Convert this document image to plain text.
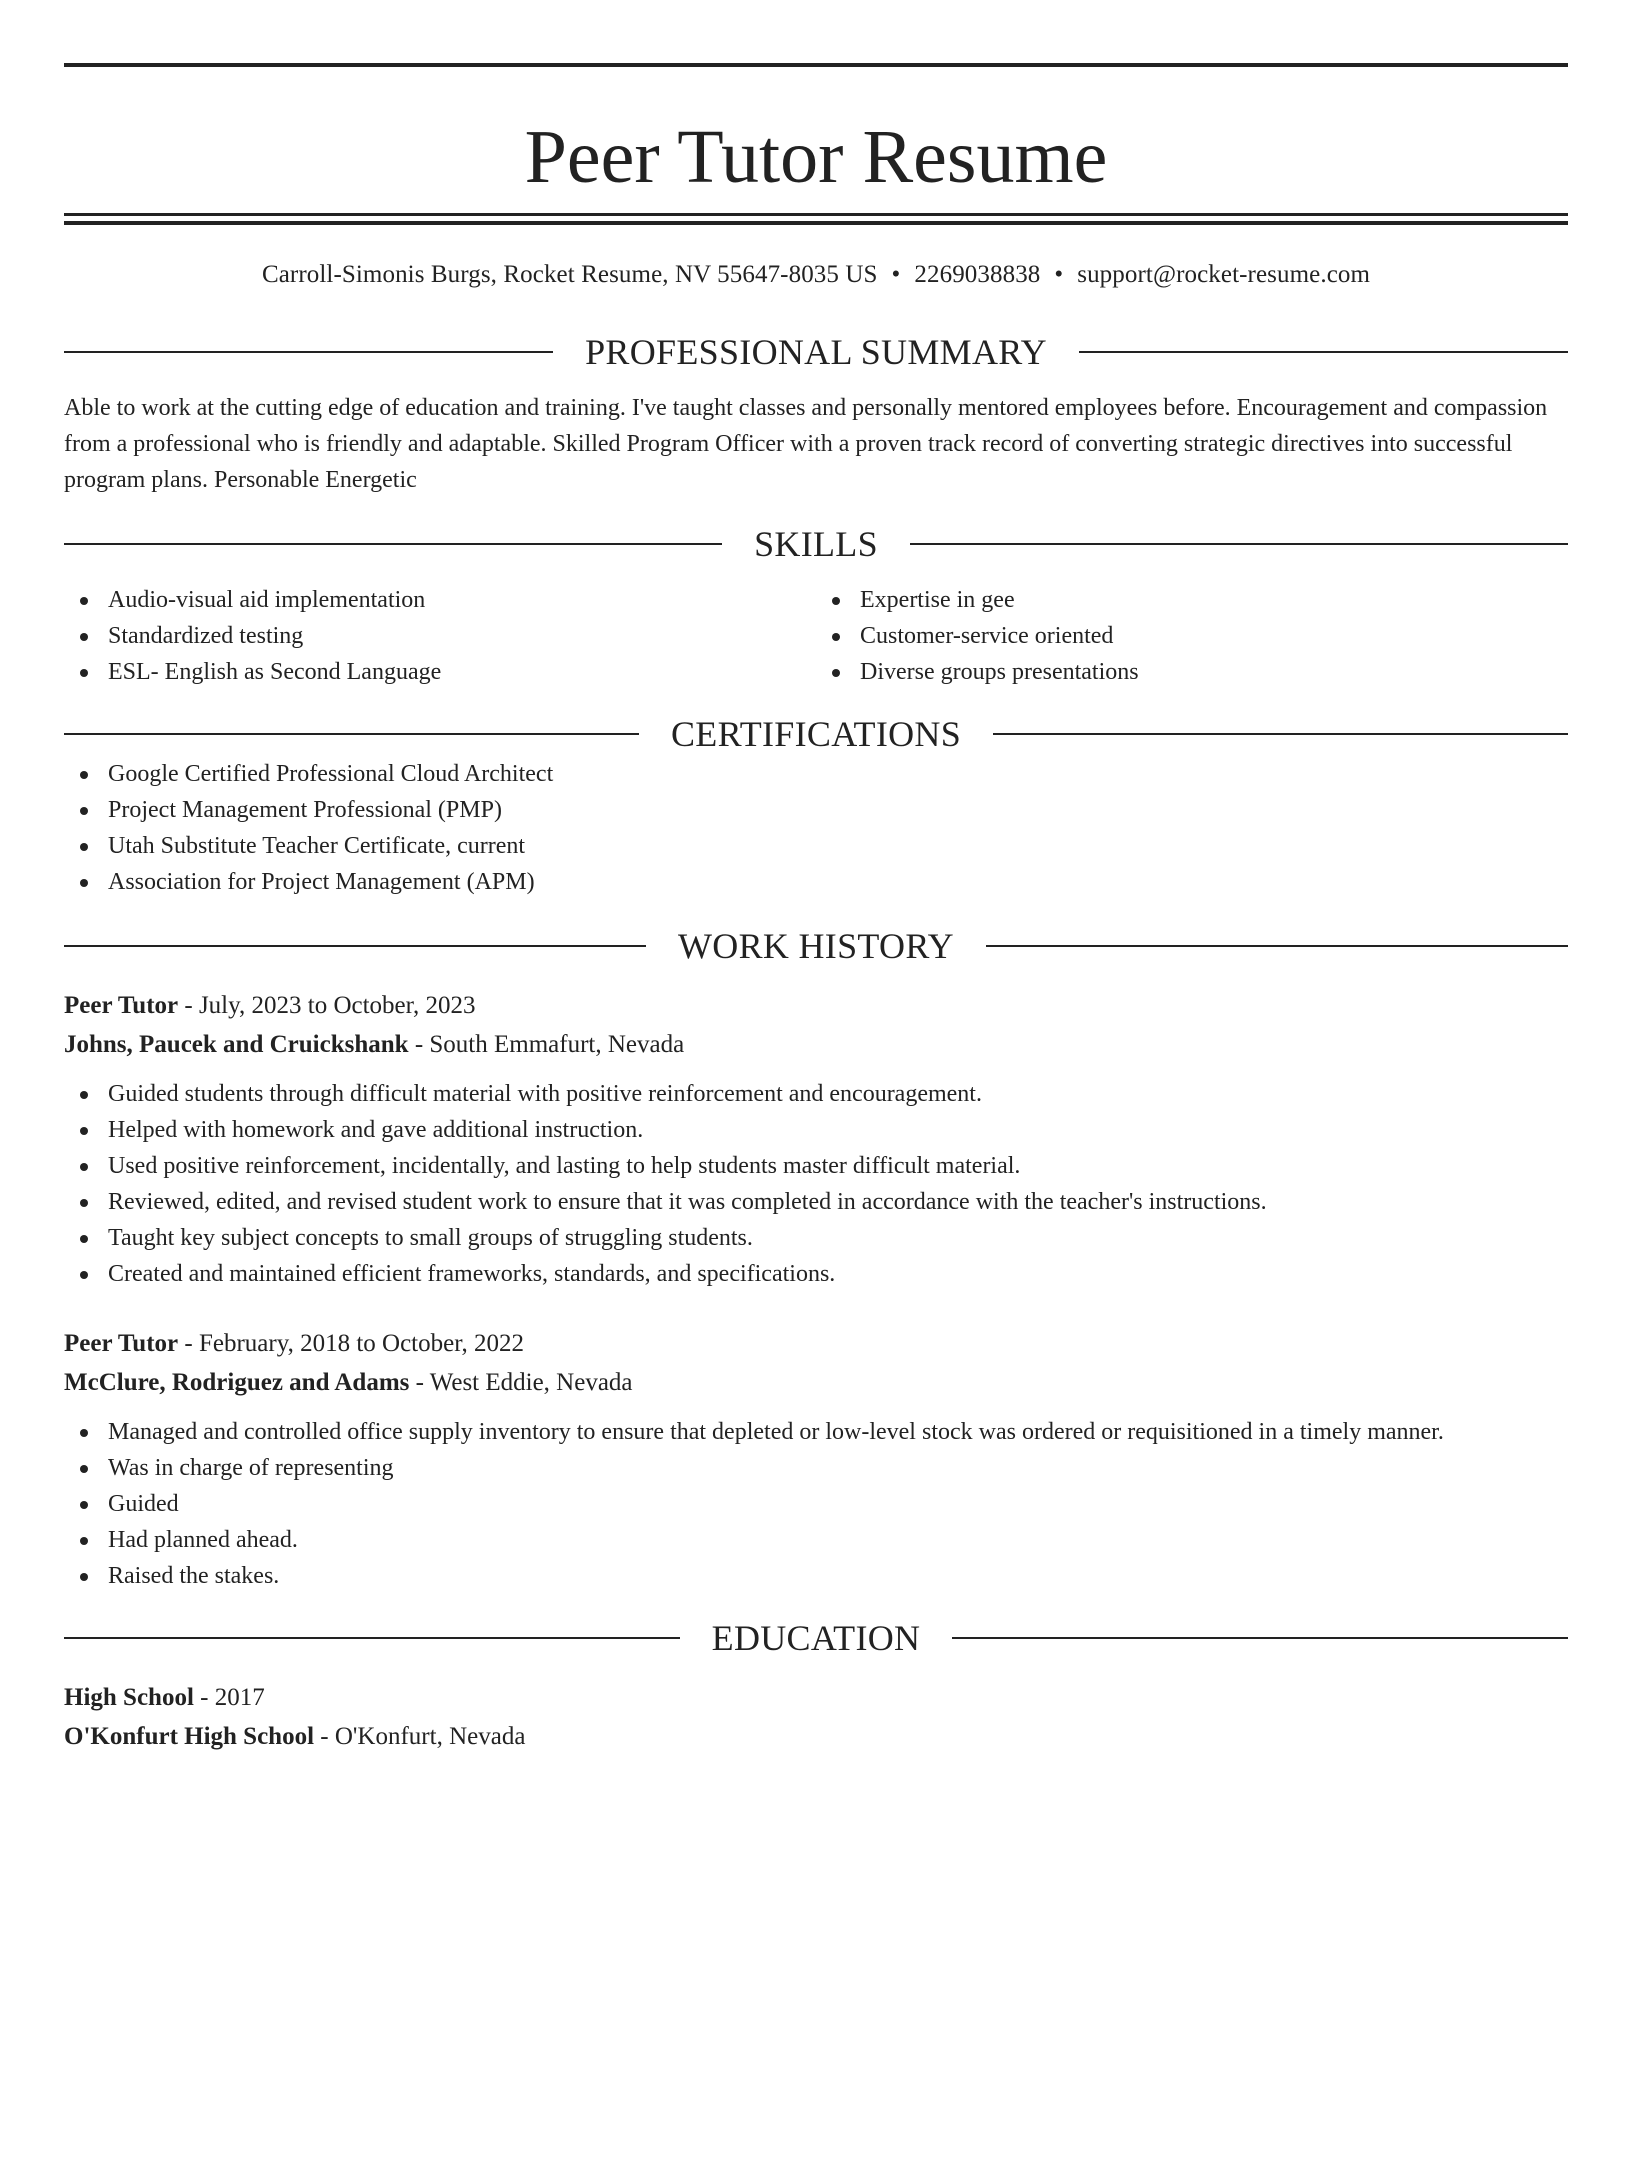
Peer Tutor Resume
Carroll-Simonis Burgs, Rocket Resume, NV 55647-8035 US • 2269038838 • support@rocket-resume.com
PROFESSIONAL SUMMARY
Able to work at the cutting edge of education and training. I've taught classes and personally mentored employees before. Encouragement and compassion from a professional who is friendly and adaptable. Skilled Program Officer with a proven track record of converting strategic directives into successful program plans. Personable Energetic
SKILLS
Audio-visual aid implementation
Standardized testing
ESL- English as Second Language
Expertise in gee
Customer-service oriented
Diverse groups presentations
CERTIFICATIONS
Google Certified Professional Cloud Architect
Project Management Professional (PMP)
Utah Substitute Teacher Certificate, current
Association for Project Management (APM)
WORK HISTORY
Peer Tutor - July, 2023 to October, 2023
Johns, Paucek and Cruickshank - South Emmafurt, Nevada
Guided students through difficult material with positive reinforcement and encouragement.
Helped with homework and gave additional instruction.
Used positive reinforcement, incidentally, and lasting to help students master difficult material.
Reviewed, edited, and revised student work to ensure that it was completed in accordance with the teacher's instructions.
Taught key subject concepts to small groups of struggling students.
Created and maintained efficient frameworks, standards, and specifications.
Peer Tutor - February, 2018 to October, 2022
McClure, Rodriguez and Adams - West Eddie, Nevada
Managed and controlled office supply inventory to ensure that depleted or low-level stock was ordered or requisitioned in a timely manner.
Was in charge of representing
Guided
Had planned ahead.
Raised the stakes.
EDUCATION
High School - 2017
O'Konfurt High School - O'Konfurt, Nevada
